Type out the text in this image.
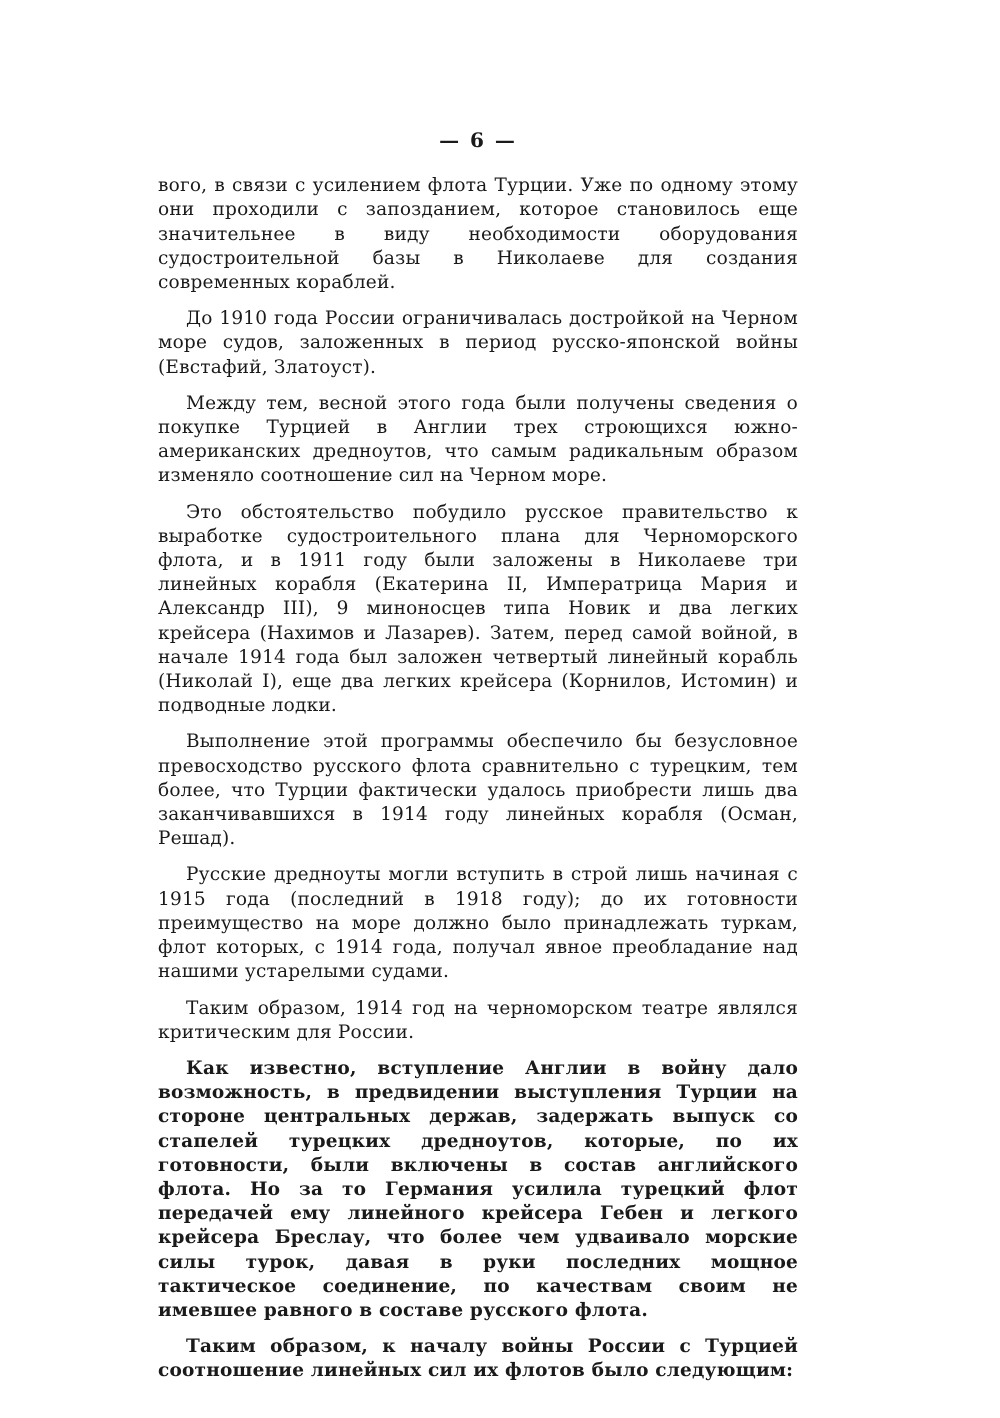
— 6 —

вого, в связи с усилением флота Турции. Уже по одному этому они проходили с запозданием, которое становилось еще значительнее в виду необходимости оборудования судостроительной базы в Николаеве для создания современных кораблей.

До 1910 года России ограничивалась достройкой на Черном море судов, заложенных в период русско-японской войны (Евстафий, Златоуст).

Между тем, весной этого года были получены сведения о покупке Турцией в Англии трех строющихся южно-американских дредноутов, что самым радикальным образом изменяло соотношение сил на Черном море.

Это обстоятельство побудило русское правительство к выработке судостроительного плана для Черноморского флота, и в 1911 году были заложены в Николаеве три линейных корабля (Екатерина II, Императрица Мария и Александр III), 9 миноносцев типа Новик и два легких крейсера (Нахимов и Лазарев). Затем, перед самой войной, в начале 1914 года был заложен четвертый линейный корабль (Николай I), еще два легких крейсера (Корнилов, Истомин) и подводные лодки.

Выполнение этой программы обеспечило бы безусловное превосходство русского флота сравнительно с турецким, тем более, что Турции фактически удалось приобрести лишь два заканчивавшихся в 1914 году линейных корабля (Осман, Решад).

Русские дредноуты могли вступить в строй лишь начиная с 1915 года (последний в 1918 году); до их готовности преимущество на море должно было принадлежать туркам, флот которых, с 1914 года, получал явное преобладание над нашими устарелыми судами.

Таким образом, 1914 год на черноморском театре являлся критическим для России.

Как известно, вступление Англии в войну дало возможность, в предвидении выступления Турции на стороне центральных держав, задержать выпуск со стапелей турецких дредноутов, которые, по их готовности, были включены в состав английского флота. Но за то Германия усилила турецкий флот передачей ему линейного крейсера Гебен и легкого крейсера Бреслау, что более чем удваивало морские силы турок, давая в руки последних мощное тактическое соединение, по качествам своим не имевшее равного в составе русского флота.

Таким образом, к началу войны России с Турцией соотношение линейных сил их флотов было следующим:
